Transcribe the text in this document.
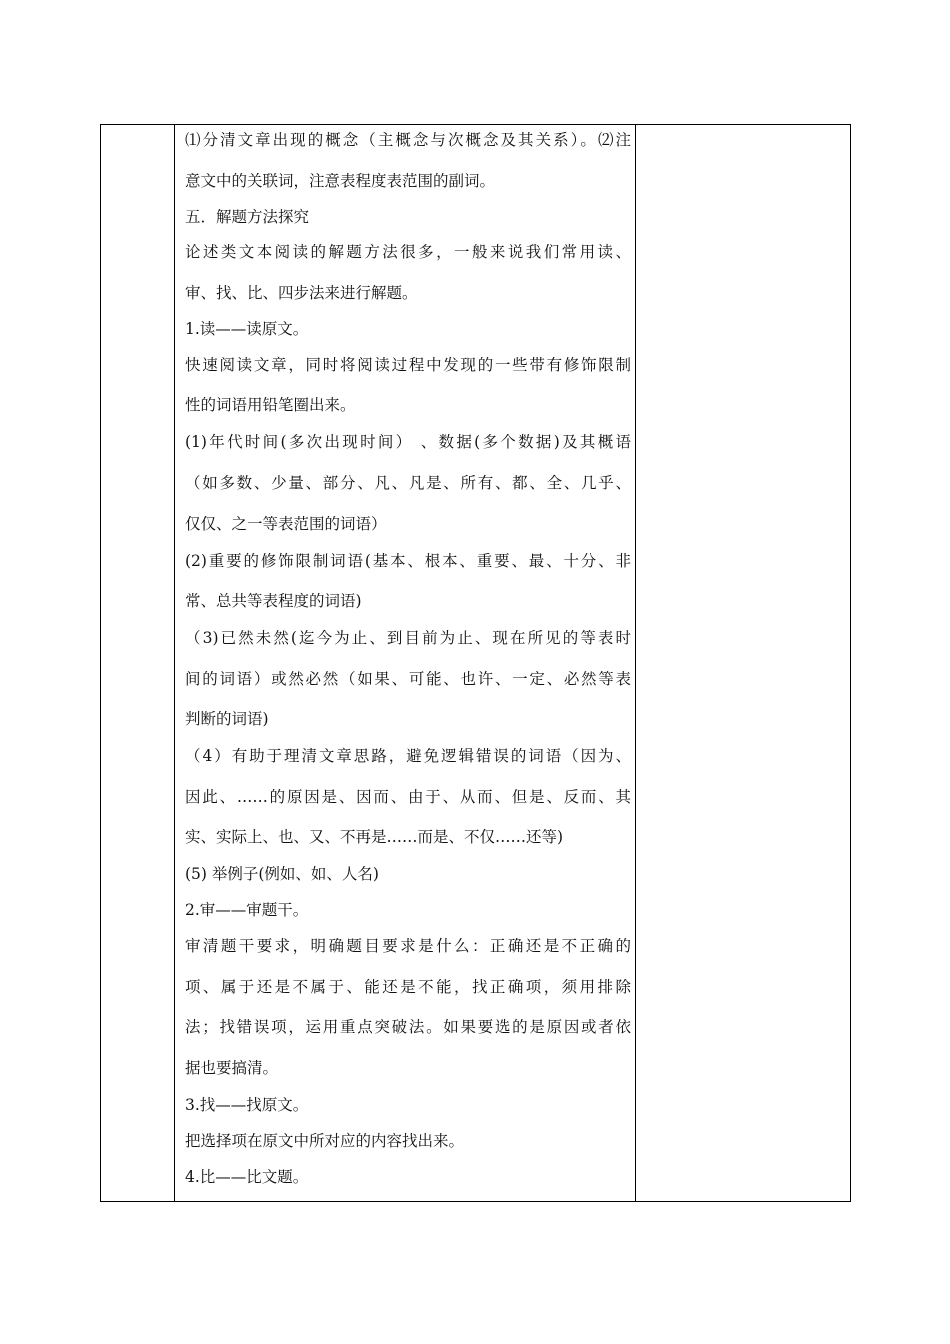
⑴分清文章出现的概念（主概念与次概念及其关系）。⑵注
意文中的关联词，注意表程度表范围的副词。
五．解题方法探究
论述类文本阅读的解题方法很多，一般来说我们常用读、
审、找、比、四步法来进行解题。
1.读——读原文。
快速阅读文章，同时将阅读过程中发现的一些带有修饰限制
性的词语用铅笔圈出来。
(1)年代时间(多次出现时间） 、数据(多个数据)及其概语
（如多数、少量、部分、凡、凡是、所有、都、全、几乎、
仅仅、之一等表范围的词语）
(2)重要的修饰限制词语(基本、根本、重要、最、十分、非
常、总共等表程度的词语)
（3)已然未然(迄今为止、到目前为止、现在所见的等表时
间的词语）或然必然（如果、可能、也许、一定、必然等表
判断的词语)
（4）有助于理清文章思路，避免逻辑错误的词语（因为、
因此、……的原因是、因而、由于、从而、但是、反而、其
实、实际上、也、又、不再是……而是、不仅……还等)
(5) 举例子(例如、如、人名)
2.审——审题干。
审清题干要求，明确题目要求是什么：正确还是不正确的
项、属于还是不属于、能还是不能，找正确项，须用排除
法；找错误项，运用重点突破法。如果要选的是原因或者依
据也要搞清。
3.找——找原文。
把选择项在原文中所对应的内容找出来。
4.比——比文题。
